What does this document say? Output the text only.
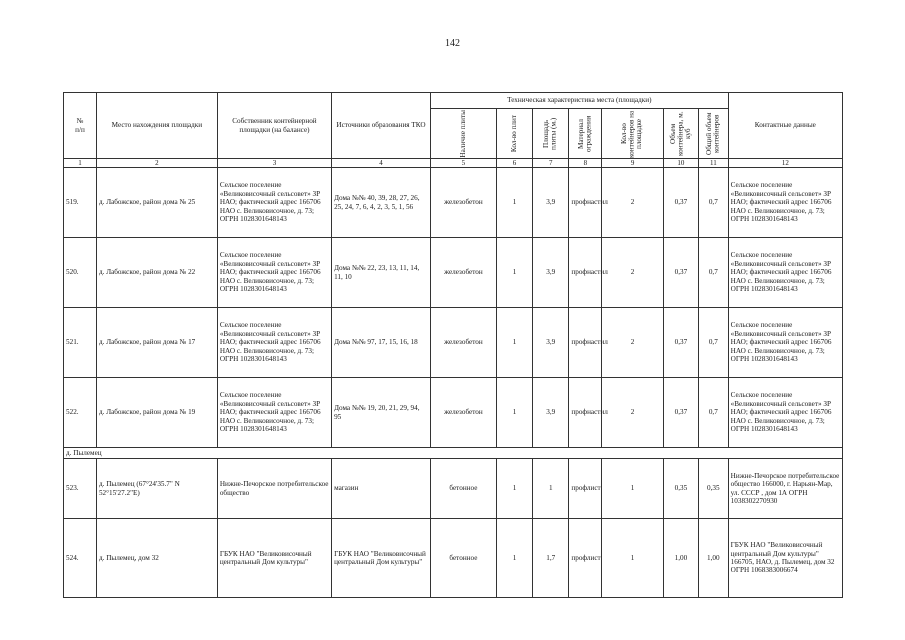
142
№
п/п	Место нахождения площадки	Собственник контейнерной площадки (на балансе)	Источники образования ТКО	Техническая характеристика места (площадки)							Контактные данные

				Наличие плиты	Кол-во плит	Площадь плиты (м.)	Материал ограждения	Кол-во контейнеров на площадке	Объем контейнера, м. куб	Общий объем контейнеров	

1	2	3	4	5	6	7	8	9	10	11	12
519.	д. Лабожское, район дома № 25	Сельское поселение «Великовисочный сельсовет» ЗР НАО; фактический адрес 166706 НАО с. Великовисочное, д. 73; ОГРН 1028301648143	Дома №№ 40, 39, 28, 27, 26, 25, 24, 7, 6, 4, 2, 3, 5, 1, 56	железобетон	1	3,9	профнастил	2	0,37	0,7	Сельское поселение «Великовисочный сельсовет» ЗР НАО; фактический адрес 166706 НАО с. Великовисочное, д. 73; ОГРН 1028301648143
520.	д. Лабожское, район дома № 22	Сельское поселение «Великовисочный сельсовет» ЗР НАО; фактический адрес 166706 НАО с. Великовисочное, д. 73; ОГРН 1028301648143	Дома №№ 22, 23, 13, 11, 14, 11, 10	железобетон	1	3,9	профнастил	2	0,37	0,7	Сельское поселение «Великовисочный сельсовет» ЗР НАО; фактический адрес 166706 НАО с. Великовисочное, д. 73; ОГРН 1028301648143
521.	д. Лабожское, район дома № 17	Сельское поселение «Великовисочный сельсовет» ЗР НАО; фактический адрес 166706 НАО с. Великовисочное, д. 73; ОГРН 1028301648143	Дома №№ 97, 17, 15, 16, 18	железобетон	1	3,9	профнастил	2	0,37	0,7	Сельское поселение «Великовисочный сельсовет» ЗР НАО; фактический адрес 166706 НАО с. Великовисочное, д. 73; ОГРН 1028301648143
522.	д. Лабожское, район дома № 19	Сельское поселение «Великовисочный сельсовет» ЗР НАО; фактический адрес 166706 НАО с. Великовисочное, д. 73; ОГРН 1028301648143	Дома №№ 19, 20, 21, 29, 94, 95	железобетон	1	3,9	профнастил	2	0,37	0,7	Сельское поселение «Великовисочный сельсовет» ЗР НАО; фактический адрес 166706 НАО с. Великовисочное, д. 73; ОГРН 1028301648143
д. Пылемец											
523.	д. Пылемец (67°24'35.7" N 52°15'27.2"E)	Нижне-Печорское потребительское общество	магазин	бетонное	1	1	профлист	1	0,35	0,35	Нижне-Печорское потребительское общество 166000, г. Нарьян-Мар, ул. СССР , дом 1А ОГРН 1038302270930
524.	д. Пылемец, дом 32	ГБУК НАО "Великовисочный центральный Дом культуры"	ГБУК НАО "Великовисочный центральный Дом культуры"	бетонное	1	1,7	профлист	1	1,00	1,00	ГБУК НАО "Великовисочный центральный Дом культуры" 166705, НАО, д. Пылемец, дом 32 ОГРН 1068383006674
